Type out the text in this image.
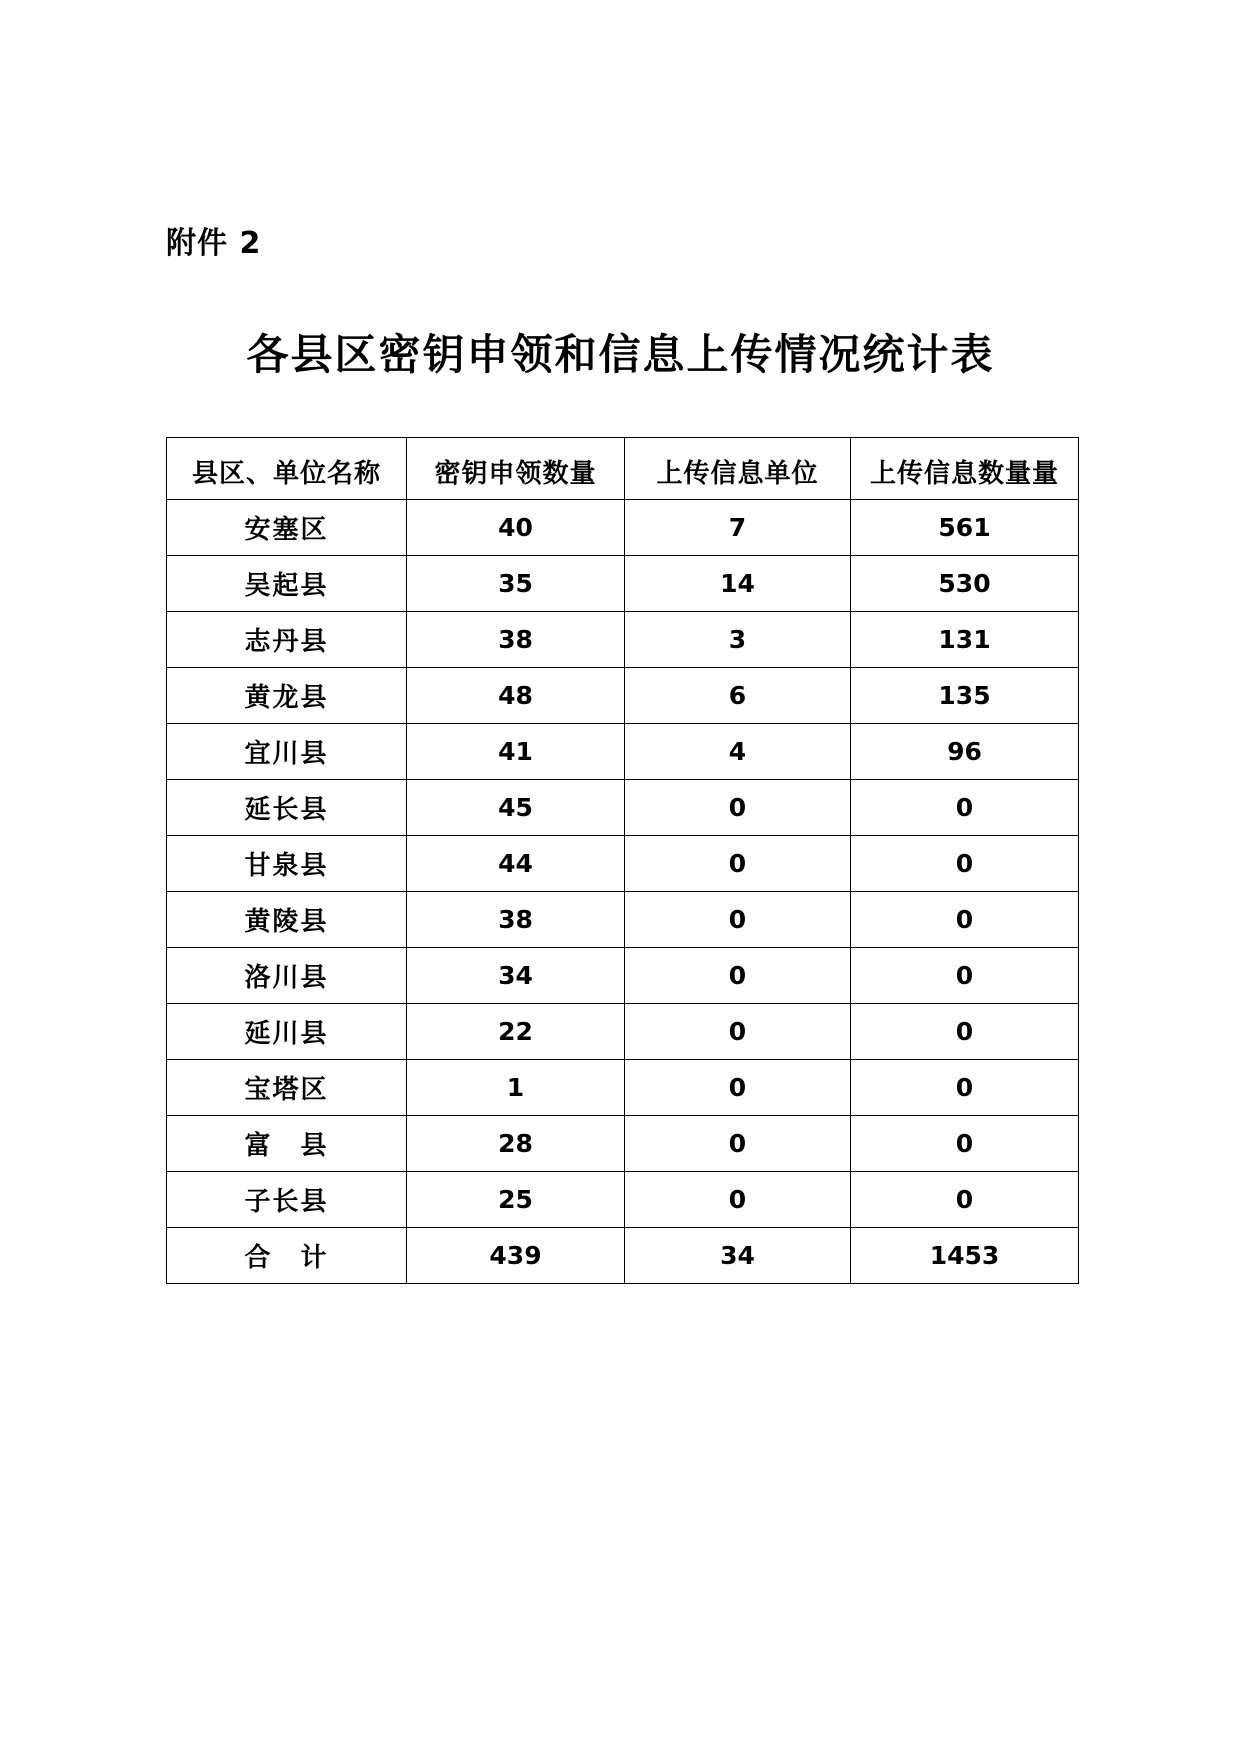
附件 2
各县区密钥申领和信息上传情况统计表
县区、单位名称	密钥申领数量	上传信息单位	上传信息数量量
安塞区	40	7	561
吴起县	35	14	530
志丹县	38	3	131
黄龙县	48	6	135
宜川县	41	4	96
延长县	45	0	0
甘泉县	44	0	0
黄陵县	38	0	0
洛川县	34	0	0
延川县	22	0	0
宝塔区	1	0	0
富　县	28	0	0
子长县	25	0	0
合　计	439	34	1453
